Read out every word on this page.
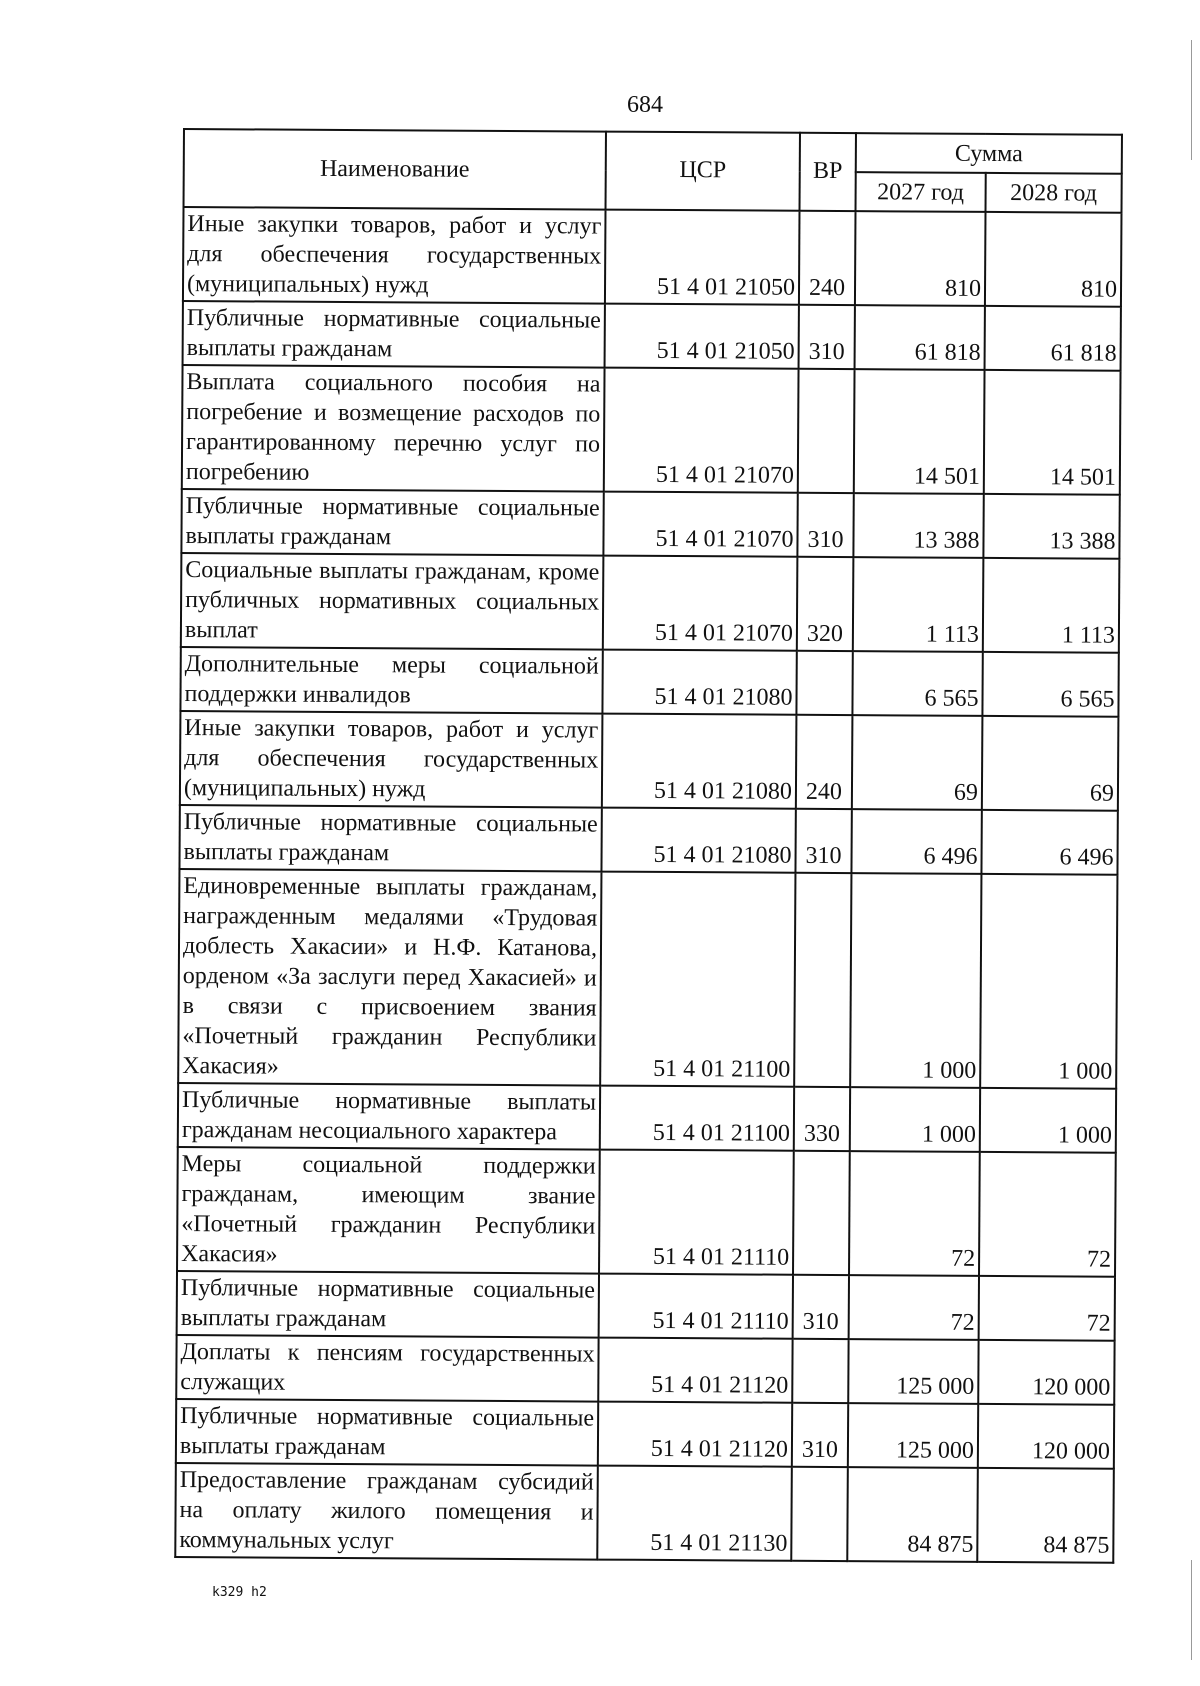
684
Наименование	ЦСР	ВР	Сумма	
			2027 год	2028 год
Иные закупки товаров, работ и услуг для обеспечения государственных (муниципальных) нужд	51 4 01 21050	240	810	810
Публичные нормативные социальные выплаты гражданам	51 4 01 21050	310	61 818	61 818
Выплата социального пособия на погребение и возмещение расходов по гарантированному перечню услуг по погребению	51 4 01 21070		14 501	14 501
Публичные нормативные социальные выплаты гражданам	51 4 01 21070	310	13 388	13 388
Социальные выплаты гражданам, кроме публичных нормативных социальных выплат	51 4 01 21070	320	1 113	1 113
Дополнительные меры социальной поддержки инвалидов	51 4 01 21080		6 565	6 565
Иные закупки товаров, работ и услуг для обеспечения государственных (муниципальных) нужд	51 4 01 21080	240	69	69
Публичные нормативные социальные выплаты гражданам	51 4 01 21080	310	6 496	6 496
Единовременные выплаты гражданам, награжденным медалями «Трудовая доблесть Хакасии» и Н.Ф. Катанова, орденом «За заслуги перед Хакасией» и в связи с присвоением звания «Почетный гражданин Республики Хакасия»	51 4 01 21100		1 000	1 000
Публичные нормативные выплаты гражданам несоциального характера	51 4 01 21100	330	1 000	1 000
Меры социальной поддержки гражданам, имеющим звание «Почетный гражданин Республики Хакасия»	51 4 01 21110		72	72
Публичные нормативные социальные выплаты гражданам	51 4 01 21110	310	72	72
Доплаты к пенсиям государственных служащих	51 4 01 21120		125 000	120 000
Публичные нормативные социальные выплаты гражданам	51 4 01 21120	310	125 000	120 000
Предоставление гражданам субсидий на оплату жилого помещения и коммунальных услуг	51 4 01 21130		84 875	84 875
k329 h2
